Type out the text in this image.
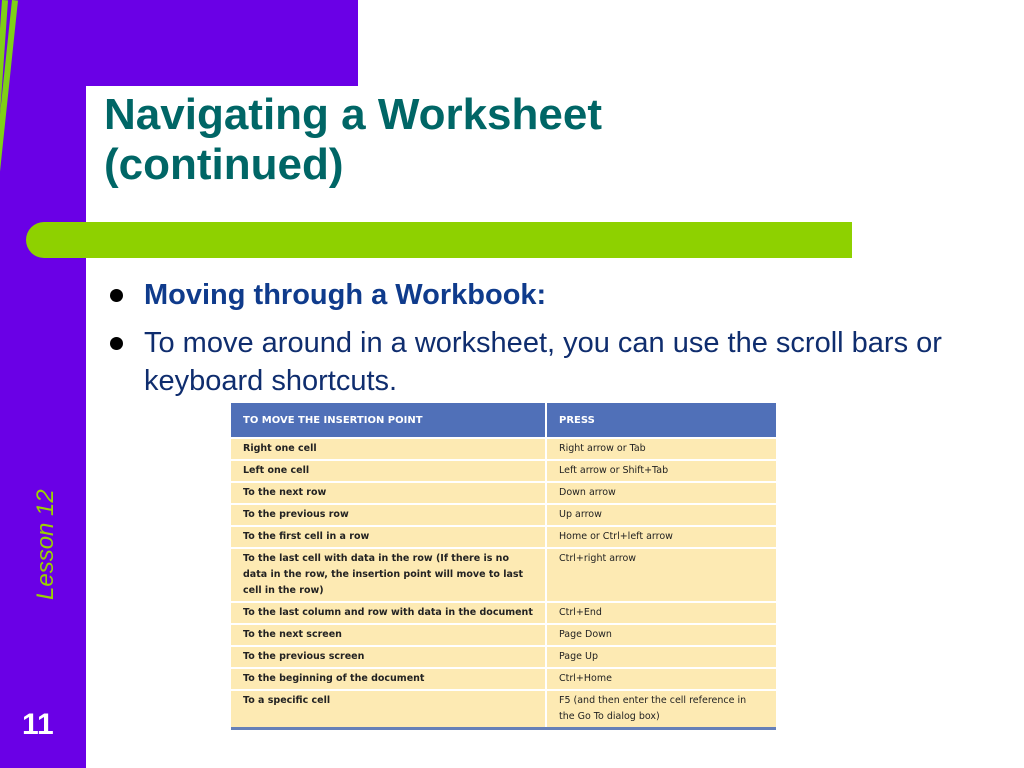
Navigating a Worksheet
(continued)
Moving through a Workbook:
To move around in a worksheet, you can use the scroll bars or keyboard shortcuts.
TO MOVE THE INSERTION POINT	PRESS
Right one cell	Right arrow or Tab
Left one cell	Left arrow or Shift+Tab
To the next row	Down arrow
To the previous row	Up arrow
To the first cell in a row	Home or Ctrl+left arrow
To the last cell with data in the row (If there is no data in the row, the insertion point will move to last cell in the row)	Ctrl+right arrow
To the last column and row with data in the document	Ctrl+End
To the next screen	Page Down
To the previous screen	Page Up
To the beginning of the document	Ctrl+Home
To a specific cell	F5 (and then enter the cell reference in the Go To dialog box)
Lesson 12
11
